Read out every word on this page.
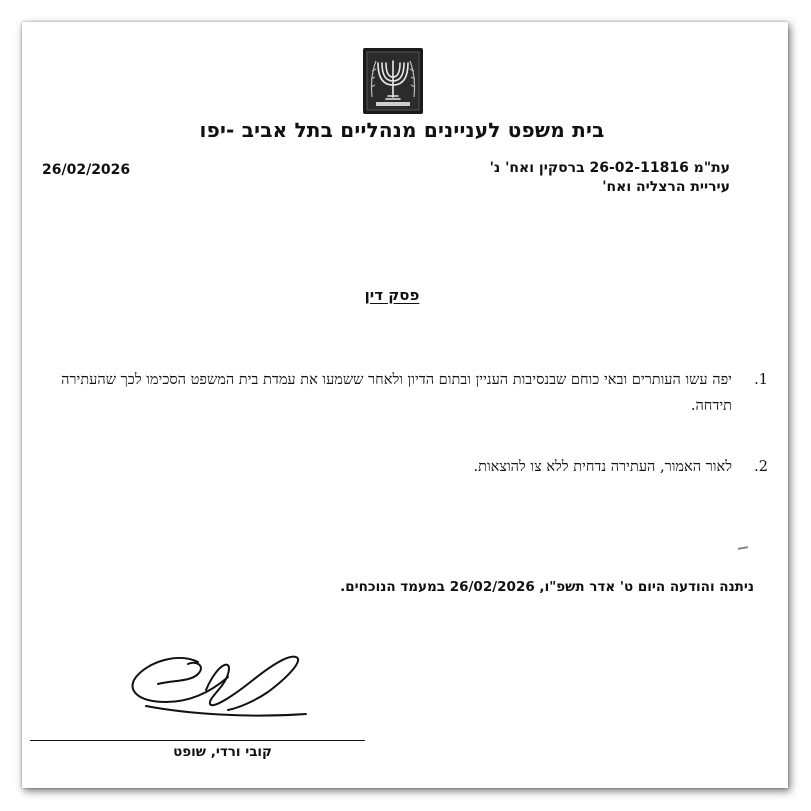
בית משפט לעניינים מנהליים בתל אביב -יפו
26/02/2026	עת"מ 26-02-11816 ברסקין ואח' נ'
עיריית הרצליה ואח'
פסק דין
1.
יפה עשו העותרים ובאי כוחם שבנסיבות העניין ובתום הדיון ולאחר ששמעו את עמדת בית המשפט הסכימו לכך שהעתירה תידחה.
2.
לאור האמור, העתירה נדחית ללא צו להוצאות.
ניתנה והודעה היום ט' אדר תשפ"ו, 26/02/2026 במעמד הנוכחים.
קובי ורדי, שופט
